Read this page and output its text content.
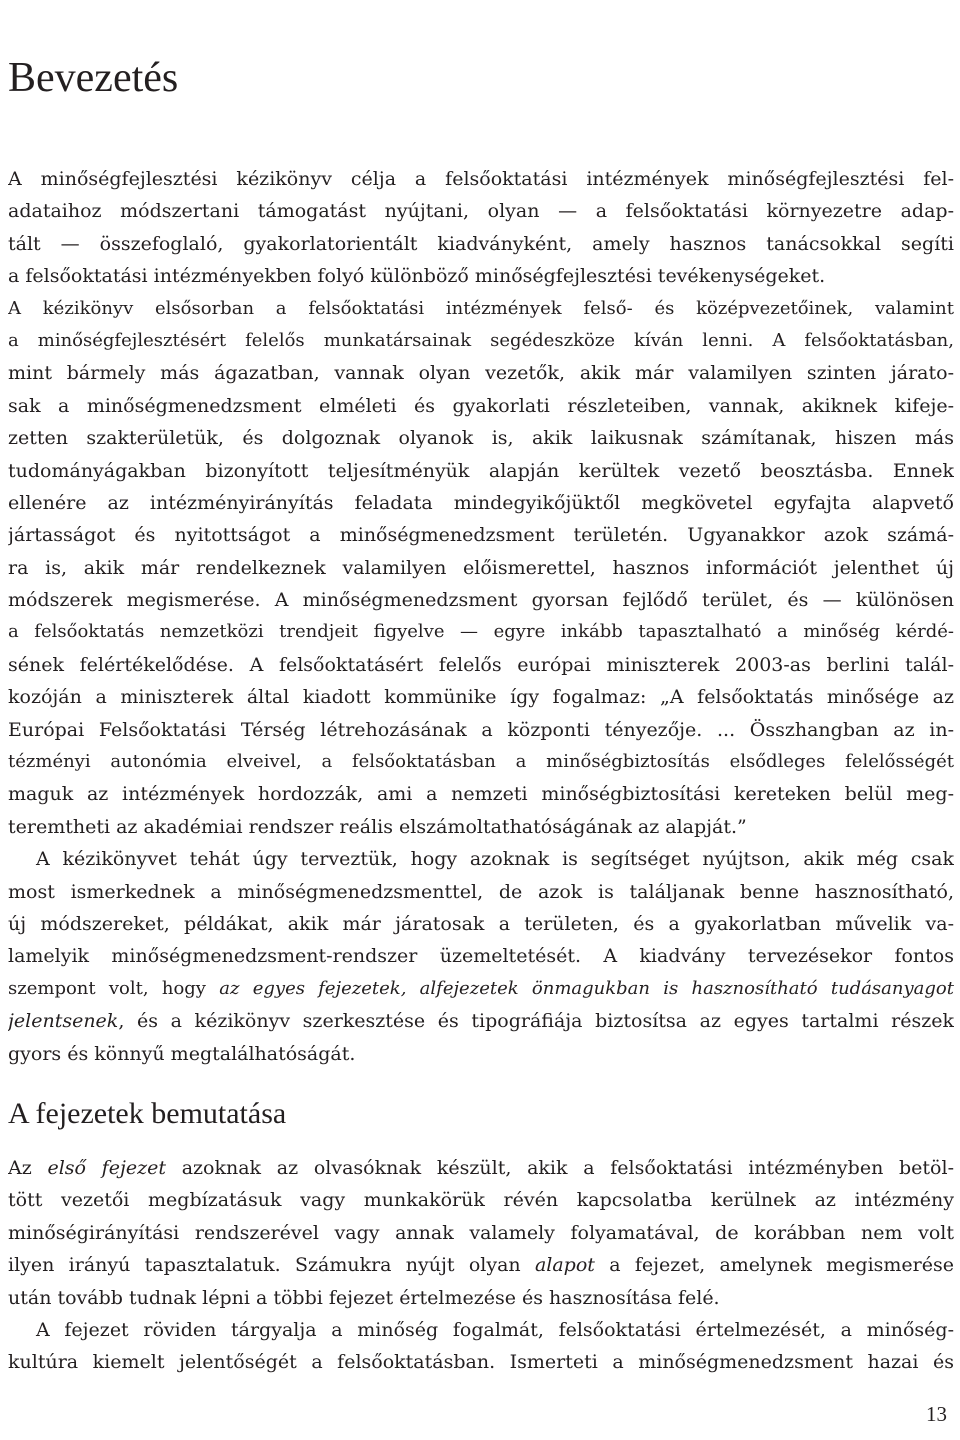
Bevezetés
A minőségfejlesztési kézikönyv célja a felsőoktatási intézmények minőségfejlesztési fel-
adataihoz módszertani támogatást nyújtani, olyan — a felsőoktatási környezetre adap-
tált — összefoglaló, gyakorlatorientált kiadványként, amely hasznos tanácsokkal segíti
a felsőoktatási intézményekben folyó különböző minőségfejlesztési tevékenységeket.
A kézikönyv elsősorban a felsőoktatási intézmények felső- és középvezetőinek, valamint
a minőségfejlesztésért felelős munkatársainak segédeszköze kíván lenni. A felsőoktatásban,
mint bármely más ágazatban, vannak olyan vezetők, akik már valamilyen szinten járato-
sak a minőségmenedzsment elméleti és gyakorlati részleteiben, vannak, akiknek kifeje-
zetten szakterületük, és dolgoznak olyanok is, akik laikusnak számítanak, hiszen más
tudományágakban bizonyított teljesítményük alapján kerültek vezető beosztásba. Ennek
ellenére az intézményirányítás feladata mindegyikőjüktől megkövetel egyfajta alapvető
jártasságot és nyitottságot a minőségmenedzsment területén. Ugyanakkor azok számá-
ra is, akik már rendelkeznek valamilyen előismerettel, hasznos információt jelenthet új
módszerek megismerése. A minőségmenedzsment gyorsan fejlődő terület, és — különösen
a felsőoktatás nemzetközi trendjeit figyelve — egyre inkább tapasztalható a minőség kérdé-
sének felértékelődése. A felsőoktatásért felelős európai miniszterek 2003-as berlini talál-
kozóján a miniszterek által kiadott kommünike így fogalmaz: „A felsőoktatás minősége az
Európai Felsőoktatási Térség létrehozásának a központi tényezője. ... Összhangban az in-
tézményi autonómia elveivel, a felsőoktatásban a minőségbiztosítás elsődleges felelősségét
maguk az intézmények hordozzák, ami a nemzeti minőségbiztosítási kereteken belül meg-
teremtheti az akadémiai rendszer reális elszámoltathatóságának az alapját.”
A kézikönyvet tehát úgy terveztük, hogy azoknak is segítséget nyújtson, akik még csak
most ismerkednek a minőségmenedzsmenttel, de azok is találjanak benne hasznosítható,
új módszereket, példákat, akik már járatosak a területen, és a gyakorlatban művelik va-
lamelyik minőségmenedzsment-rendszer üzemeltetését. A kiadvány tervezésekor fontos
szempont volt, hogy az egyes fejezetek, alfejezetek önmagukban is hasznosítható tudásanyagot
jelentsenek, és a kézikönyv szerkesztése és tipográfiája biztosítsa az egyes tartalmi részek
gyors és könnyű megtalálhatóságát.
A fejezetek bemutatása
Az első fejezet azoknak az olvasóknak készült, akik a felsőoktatási intézményben betöl-
tött vezetői megbízatásuk vagy munkakörük révén kapcsolatba kerülnek az intézmény
minőségirányítási rendszerével vagy annak valamely folyamatával, de korábban nem volt
ilyen irányú tapasztalatuk. Számukra nyújt olyan alapot a fejezet, amelynek megismerése
után tovább tudnak lépni a többi fejezet értelmezése és hasznosítása felé.
A fejezet röviden tárgyalja a minőség fogalmát, felsőoktatási értelmezését, a minőség-
kultúra kiemelt jelentőségét a felsőoktatásban. Ismerteti a minőségmenedzsment hazai és
13
